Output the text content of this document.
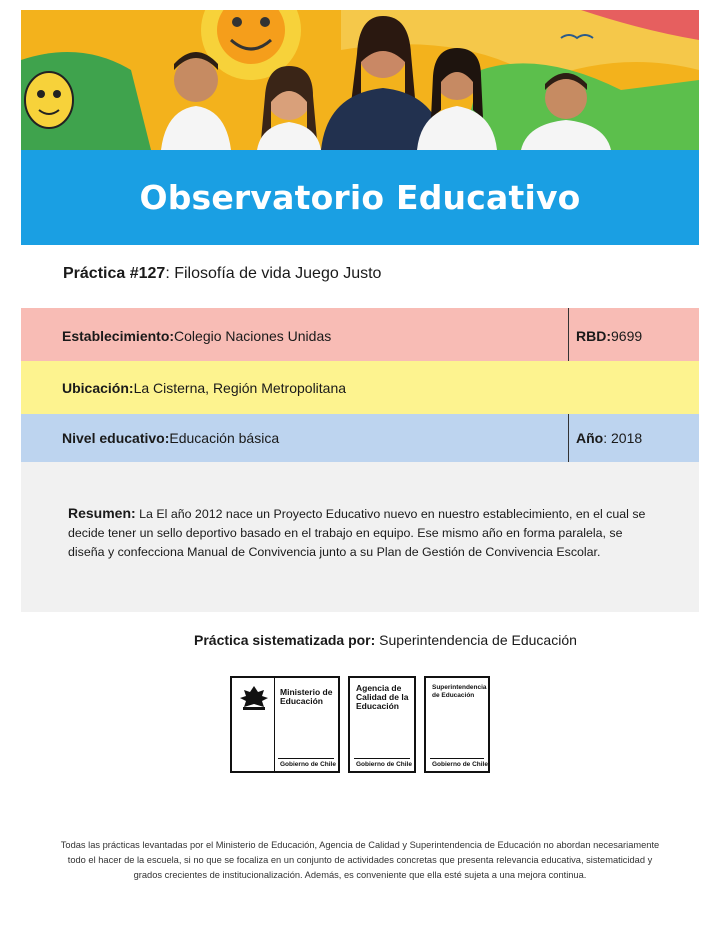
Observatorio Educativo
Práctica #127: Filosofía de vida Juego Justo
Establecimiento: Colegio Naciones Unidas	RBD: 9699
Ubicación: La Cisterna, Región Metropolitana
Nivel educativo: Educación básica	Año : 2018

Resumen: La El año 2012 nace un Proyecto Educativo nuevo en nuestro establecimiento, en el cual se decide tener un sello deportivo basado en el trabajo en equipo. Ese mismo año en forma paralela, se diseña y confecciona Manual de Convivencia junto a su Plan de Gestión de Convivencia Escolar.

Práctica sistematizada por: Superintendencia de Educación
Ministerio de Educación
Gobierno de Chile
Agencia de Calidad de la Educación
Gobierno de Chile
Superintendencia de Educación
Gobierno de Chile
Todas las prácticas levantadas por el Ministerio de Educación, Agencia de Calidad y Superintendencia de Educación no abordan necesariamente todo el hacer de la escuela, si no que se focaliza en un conjunto de actividades concretas que presenta relevancia educativa, sistematicidad y grados crecientes de institucionalización. Además, es conveniente que ella esté sujeta a una mejora continua.
